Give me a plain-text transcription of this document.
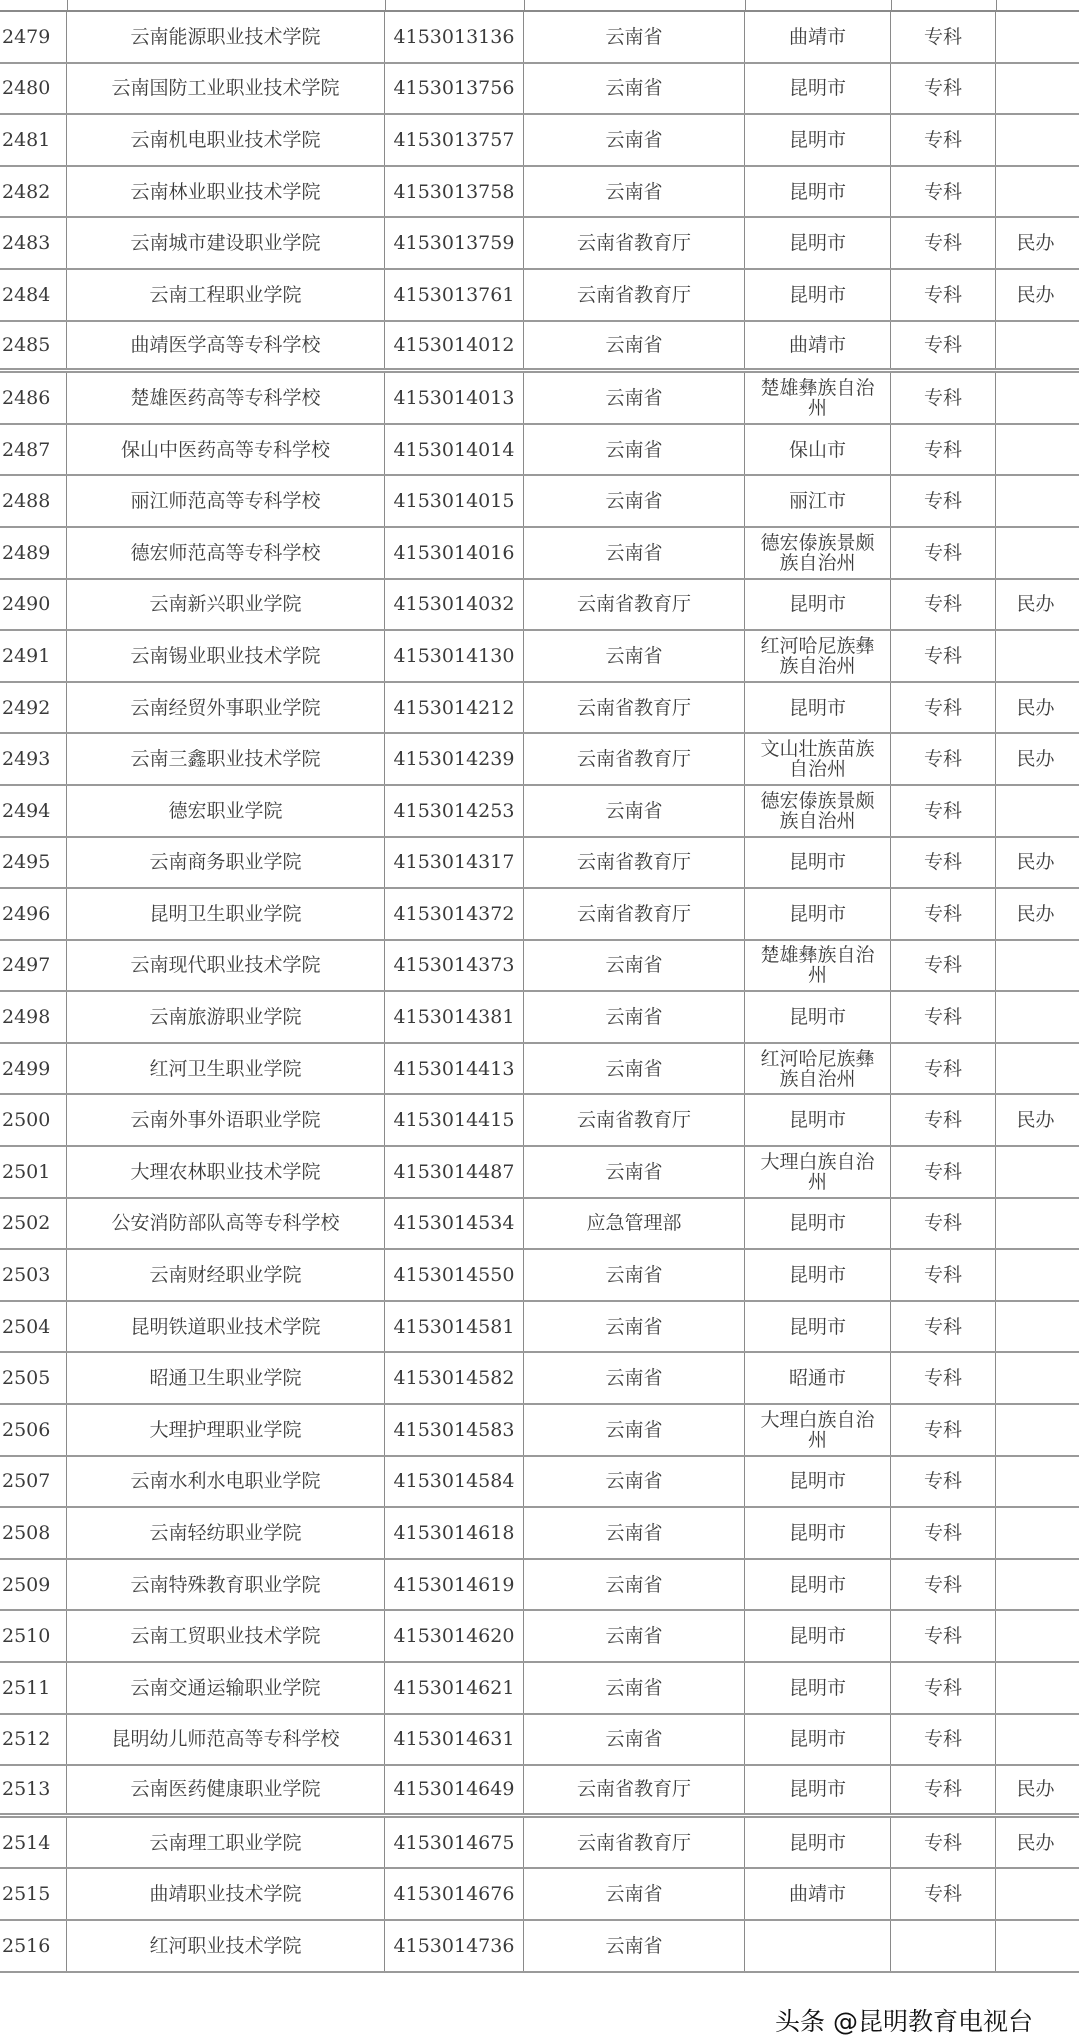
2479	云南能源职业技术学院	4153013136	云南省	曲靖市	专科
2480	云南国防工业职业技术学院	4153013756	云南省	昆明市	专科
2481	云南机电职业技术学院	4153013757	云南省	昆明市	专科
2482	云南林业职业技术学院	4153013758	云南省	昆明市	专科
2483	云南城市建设职业学院	4153013759	云南省教育厅	昆明市	专科	民办
2484	云南工程职业学院	4153013761	云南省教育厅	昆明市	专科	民办
2485	曲靖医学高等专科学校	4153014012	云南省	曲靖市	专科
2486	楚雄医药高等专科学校	4153014013	云南省	楚雄彝族自治州	专科
2487	保山中医药高等专科学校	4153014014	云南省	保山市	专科
2488	丽江师范高等专科学校	4153014015	云南省	丽江市	专科
2489	德宏师范高等专科学校	4153014016	云南省	德宏傣族景颇族自治州	专科
2490	云南新兴职业学院	4153014032	云南省教育厅	昆明市	专科	民办
2491	云南锡业职业技术学院	4153014130	云南省	红河哈尼族彝族自治州	专科
2492	云南经贸外事职业学院	4153014212	云南省教育厅	昆明市	专科	民办
2493	云南三鑫职业技术学院	4153014239	云南省教育厅	文山壮族苗族自治州	专科	民办
2494	德宏职业学院	4153014253	云南省	德宏傣族景颇族自治州	专科
2495	云南商务职业学院	4153014317	云南省教育厅	昆明市	专科	民办
2496	昆明卫生职业学院	4153014372	云南省教育厅	昆明市	专科	民办
2497	云南现代职业技术学院	4153014373	云南省	楚雄彝族自治州	专科
2498	云南旅游职业学院	4153014381	云南省	昆明市	专科
2499	红河卫生职业学院	4153014413	云南省	红河哈尼族彝族自治州	专科
2500	云南外事外语职业学院	4153014415	云南省教育厅	昆明市	专科	民办
2501	大理农林职业技术学院	4153014487	云南省	大理白族自治州	专科
2502	公安消防部队高等专科学校	4153014534	应急管理部	昆明市	专科
2503	云南财经职业学院	4153014550	云南省	昆明市	专科
2504	昆明铁道职业技术学院	4153014581	云南省	昆明市	专科
2505	昭通卫生职业学院	4153014582	云南省	昭通市	专科
2506	大理护理职业学院	4153014583	云南省	大理白族自治州	专科
2507	云南水利水电职业学院	4153014584	云南省	昆明市	专科
2508	云南轻纺职业学院	4153014618	云南省	昆明市	专科
2509	云南特殊教育职业学院	4153014619	云南省	昆明市	专科
2510	云南工贸职业技术学院	4153014620	云南省	昆明市	专科
2511	云南交通运输职业学院	4153014621	云南省	昆明市	专科
2512	昆明幼儿师范高等专科学校	4153014631	云南省	昆明市	专科
2513	云南医药健康职业学院	4153014649	云南省教育厅	昆明市	专科	民办
2514	云南理工职业学院	4153014675	云南省教育厅	昆明市	专科	民办
2515	曲靖职业技术学院	4153014676	云南省	曲靖市	专科
2516	红河职业技术学院	4153014736	云南省
头条 @昆明教育电视台
